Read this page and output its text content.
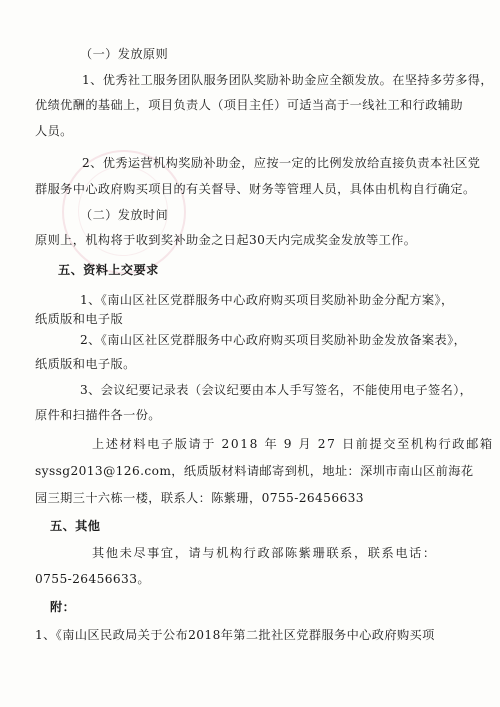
（一）发放原则
1、优秀社工服务团队服务团队奖励补助金应全额发放。在坚持多劳多得，
优绩优酬的基础上，项目负责人（项目主任）可适当高于一线社工和行政辅助
人员。
2、优秀运营机构奖励补助金，应按一定的比例发放给直接负责本社区党
群服务中心政府购买项目的有关督导、财务等管理人员，具体由机构自行确定。
（二）发放时间
原则上，机构将于收到奖补助金之日起30天内完成奖金发放等工作。
五、资料上交要求
1、《南山区社区党群服务中心政府购买项目奖励补助金分配方案》，
纸质版和电子版
2、《南山区社区党群服务中心政府购买项目奖励补助金发放备案表》，
纸质版和电子版。
3、会议纪要记录表（会议纪要由本人手写签名，不能使用电子签名），
原件和扫描件各一份。
上述材料电子版请于 2018 年 9 月 27 日前提交至机构行政邮箱
syssg2013@126.com，纸质版材料请邮寄到机，地址：深圳市南山区前海花
园三期三十六栋一楼，联系人：陈紫珊，0755-26456633
五、其他
其他未尽事宜，请与机构行政部陈紫珊联系，联系电话：
0755-26456633。
附：
1、《南山区民政局关于公布2018年第二批社区党群服务中心政府购买项
